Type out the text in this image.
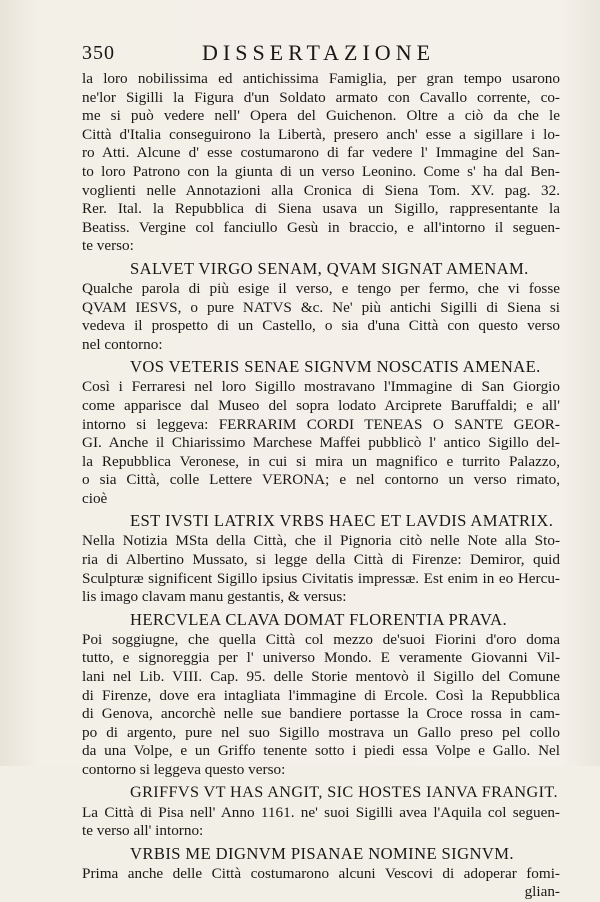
350	DISSERTAZIONE
la loro nobilissima ed antichissima Famiglia, per gran tempo usarono
ne'lor Sigilli la Figura d'un Soldato armato con Cavallo corrente, co-
me si può vedere nell' Opera del Guichenon. Oltre a ciò da che le
Città d'Italia conseguirono la Libertà, presero anch' esse a sigillare i lo-
ro Atti. Alcune d' esse costumarono di far vedere l' Immagine del San-
to loro Patrono con la giunta di un verso Leonino. Come s' ha dal Ben-
voglienti nelle Annotazioni alla Cronica di Siena Tom. XV. pag. 32.
Rer. Ital. la Repubblica di Siena usava un Sigillo, rappresentante la
Beatiss. Vergine col fanciullo Gesù in braccio, e all'intorno il seguen-
te verso:
SALVET VIRGO SENAM, QVAM SIGNAT AMENAM.
Qualche parola di più esige il verso, e tengo per fermo, che vi fosse
QVAM IESVS, o pure NATVS &c. Ne' più antichi Sigilli di Siena si
vedeva il prospetto di un Castello, o sia d'una Città con questo verso
nel contorno:
VOS VETERIS SENAE SIGNVM NOSCATIS AMENAE.
Così i Ferraresi nel loro Sigillo mostravano l'Immagine di San Giorgio
come apparisce dal Museo del sopra lodato Arciprete Baruffaldi; e all'
intorno si leggeva: FERRARIM CORDI TENEAS O SANTE GEOR-
GI. Anche il Chiarissimo Marchese Maffei pubblicò l' antico Sigillo del-
la Repubblica Veronese, in cui si mira un magnifico e turrito Palazzo,
o sia Città, colle Lettere VERONA; e nel contorno un verso rimato,
cioè
EST IVSTI LATRIX VRBS HAEC ET LAVDIS AMATRIX.
Nella Notizia MSta della Città, che il Pignoria citò nelle Note alla Sto-
ria di Albertino Mussato, si legge della Città di Firenze: Demiror, quid
Sculpturæ significent Sigillo ipsius Civitatis impressæ. Est enim in eo Hercu-
lis imago clavam manu gestantis, & versus:
HERCVLEA CLAVA DOMAT FLORENTIA PRAVA.
Poi soggiugne, che quella Città col mezzo de'suoi Fiorini d'oro doma
tutto, e signoreggia per l' universo Mondo. E veramente Giovanni Vil-
lani nel Lib. VIII. Cap. 95. delle Storie mentovò il Sigillo del Comune
di Firenze, dove era intagliata l'immagine di Ercole. Così la Repubblica
di Genova, ancorchè nelle sue bandiere portasse la Croce rossa in cam-
po di argento, pure nel suo Sigillo mostrava un Gallo preso pel collo
da una Volpe, e un Griffo tenente sotto i piedi essa Volpe e Gallo. Nel
contorno si leggeva questo verso:
GRIFFVS VT HAS ANGIT, SIC HOSTES IANVA FRANGIT.
La Città di Pisa nell' Anno 1161. ne' suoi Sigilli avea l'Aquila col seguen-
te verso all' intorno:
VRBIS ME DIGNVM PISANAE NOMINE SIGNVM.
Prima anche delle Città costumarono alcuni Vescovi di adoperar fomi-
glian-
